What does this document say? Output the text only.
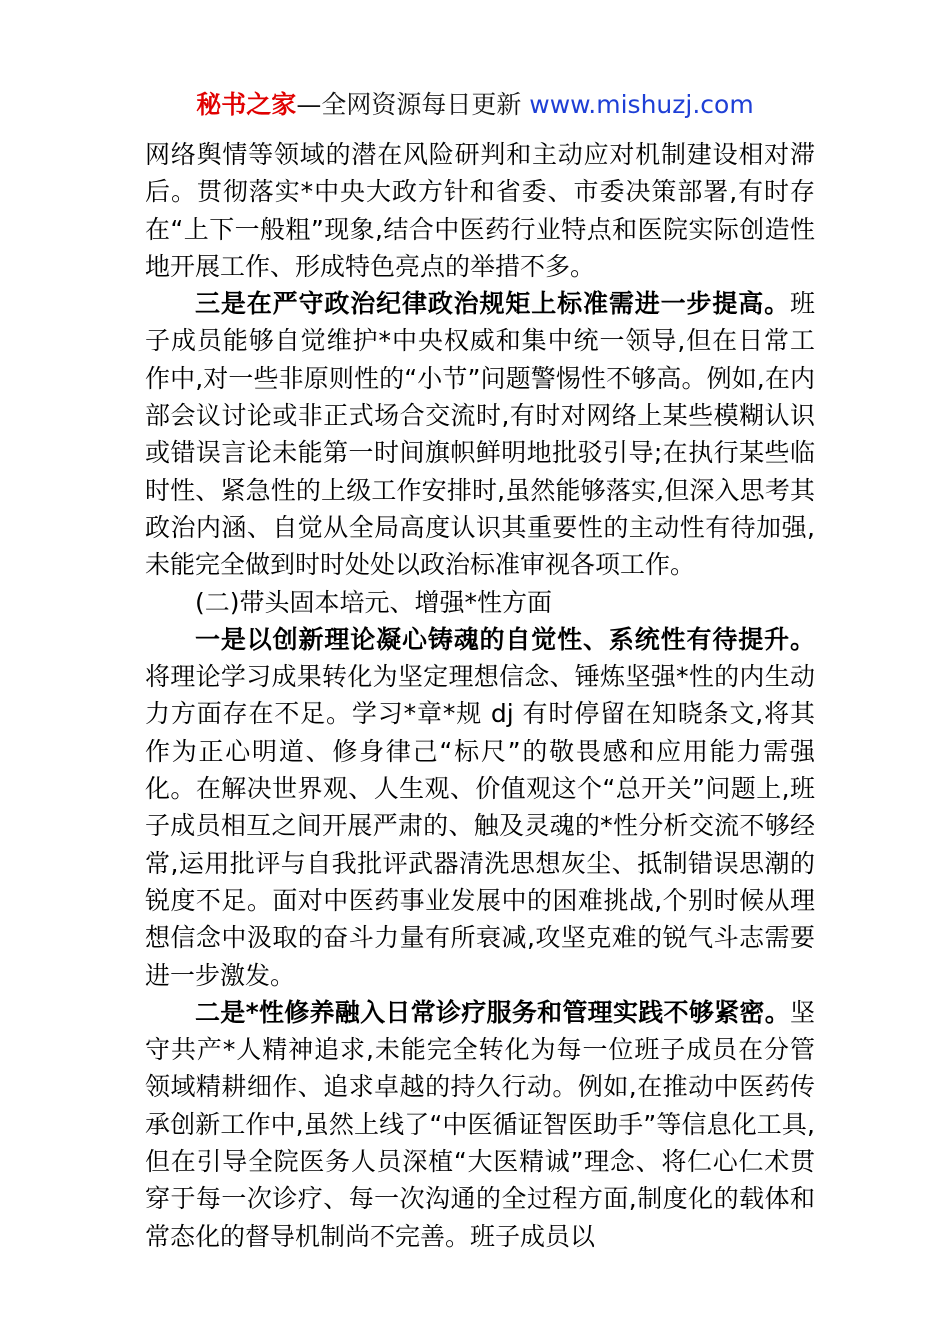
秘书之家—全网资源每日更新 www.mishuzj.com

网络舆情等领域的潜在风险研判和主动应对机制建设相对滞后。贯彻落实*中央大政方针和省委、市委决策部署,有时存在“上下一般粗”现象,结合中医药行业特点和医院实际创造性地开展工作、形成特色亮点的举措不多。

三是在严守政治纪律政治规矩上标准需进一步提高。班子成员能够自觉维护*中央权威和集中统一领导,但在日常工作中,对一些非原则性的“小节”问题警惕性不够高。例如,在内部会议讨论或非正式场合交流时,有时对网络上某些模糊认识或错误言论未能第一时间旗帜鲜明地批驳引导;在执行某些临时性、紧急性的上级工作安排时,虽然能够落实,但深入思考其政治内涵、自觉从全局高度认识其重要性的主动性有待加强,未能完全做到时时处处以政治标准审视各项工作。

(二)带头固本培元、增强*性方面

一是以创新理论凝心铸魂的自觉性、系统性有待提升。将理论学习成果转化为坚定理想信念、锤炼坚强*性的内生动力方面存在不足。学习*章*规 dj 有时停留在知晓条文,将其作为正心明道、修身律己“标尺”的敬畏感和应用能力需强化。在解决世界观、人生观、价值观这个“总开关”问题上,班子成员相互之间开展严肃的、触及灵魂的*性分析交流不够经常,运用批评与自我批评武器清洗思想灰尘、抵制错误思潮的锐度不足。面对中医药事业发展中的困难挑战,个别时候从理想信念中汲取的奋斗力量有所衰减,攻坚克难的锐气斗志需要进一步激发。

二是*性修养融入日常诊疗服务和管理实践不够紧密。坚守共产*人精神追求,未能完全转化为每一位班子成员在分管领域精耕细作、追求卓越的持久行动。例如,在推动中医药传承创新工作中,虽然上线了“中医循证智医助手”等信息化工具,但在引导全院医务人员深植“大医精诚”理念、将仁心仁术贯穿于每一次诊疗、每一次沟通的全过程方面,制度化的载体和常态化的督导机制尚不完善。班子成员以
